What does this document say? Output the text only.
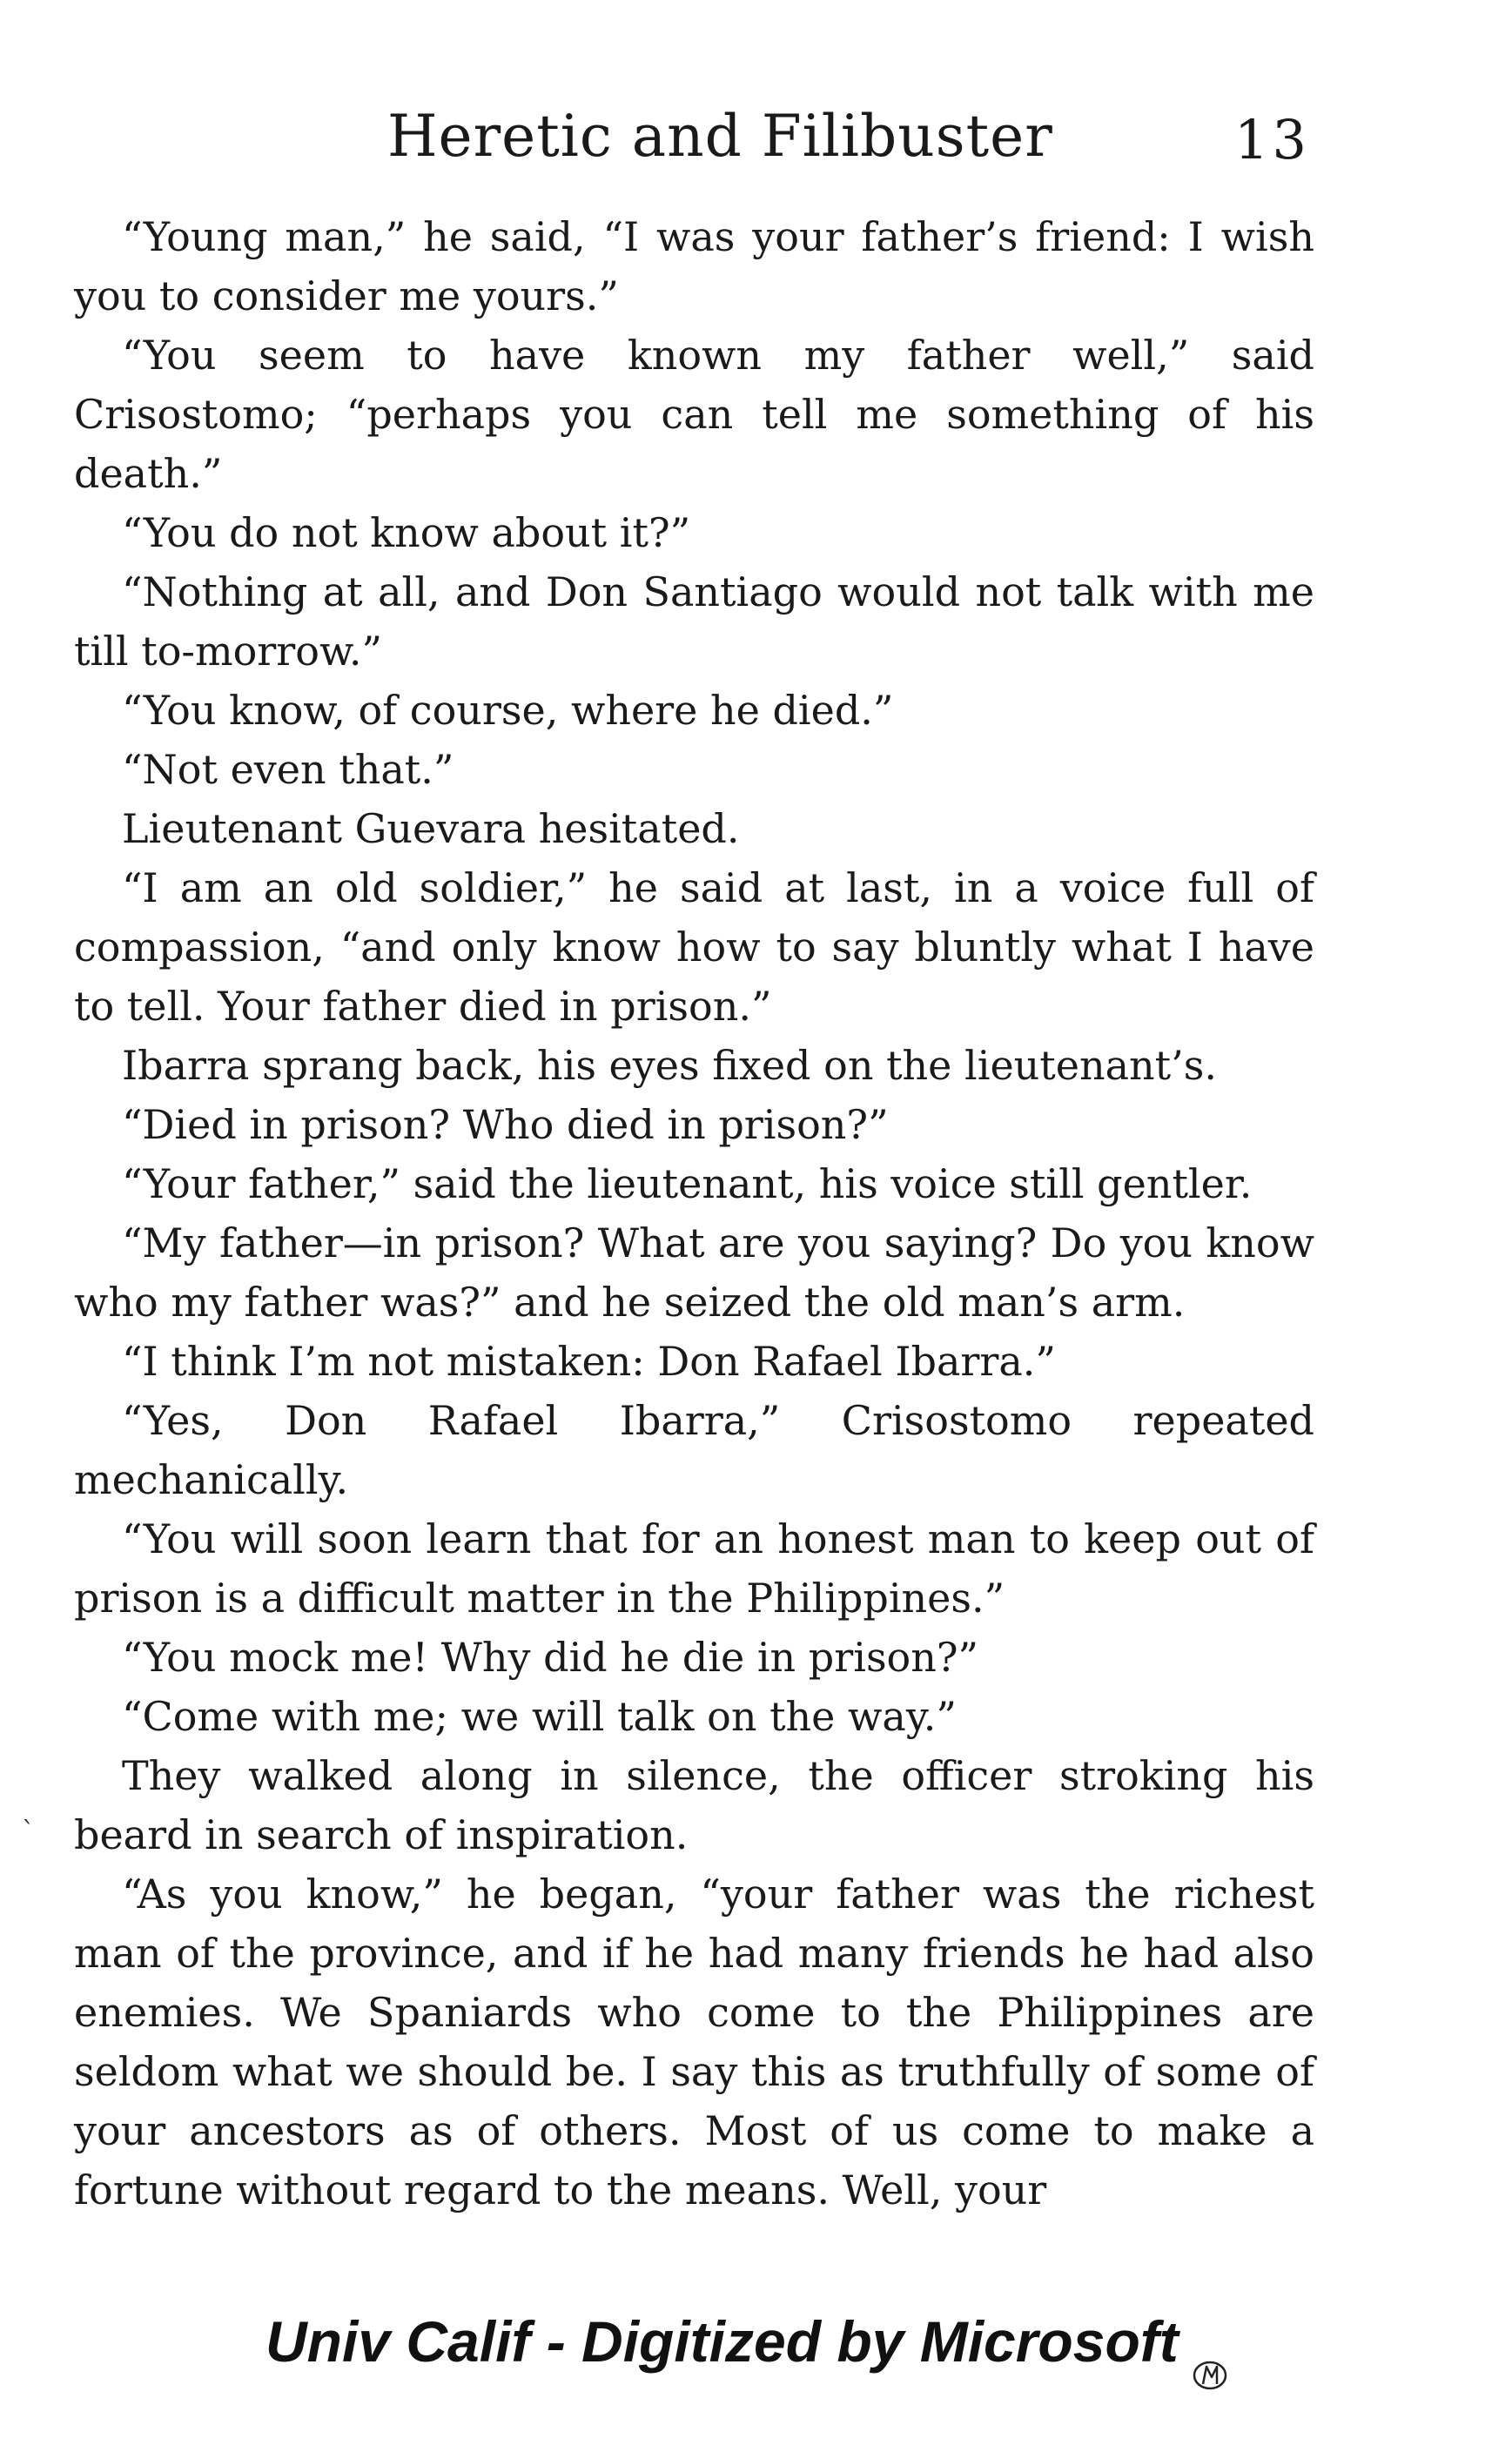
Heretic and Filibuster	13

“Young man,” he said, “I was your father’s friend: I wish you to consider me yours.”

“You seem to have known my father well,” said Crisostomo; “perhaps you can tell me something of his death.”

“You do not know about it?”

“Nothing at all, and Don Santiago would not talk with me till to-morrow.”

“You know, of course, where he died.”

“Not even that.”

Lieutenant Guevara hesitated.

“I am an old soldier,” he said at last, in a voice full of compassion, “and only know how to say bluntly what I have to tell. Your father died in prison.”

Ibarra sprang back, his eyes fixed on the lieutenant’s.

“Died in prison? Who died in prison?”

“Your father,” said the lieutenant, his voice still gentler.

“My father—in prison? What are you saying? Do you know who my father was?” and he seized the old man’s arm.

“I think I’m not mistaken: Don Rafael Ibarra.”

“Yes, Don Rafael Ibarra,” Crisostomo repeated mechanically.

“You will soon learn that for an honest man to keep out of prison is a difficult matter in the Philippines.”

“You mock me! Why did he die in prison?”

“Come with me; we will talk on the way.”

They walked along in silence, the officer stroking his beard in search of inspiration.

“As you know,” he began, “your father was the richest man of the province, and if he had many friends he had also enemies. We Spaniards who come to the Philippines are seldom what we should be. I say this as truthfully of some of your ancestors as of others. Most of us come to make a fortune without regard to the means. Well, your

`
Univ Calif - Digitized by Microsoft
